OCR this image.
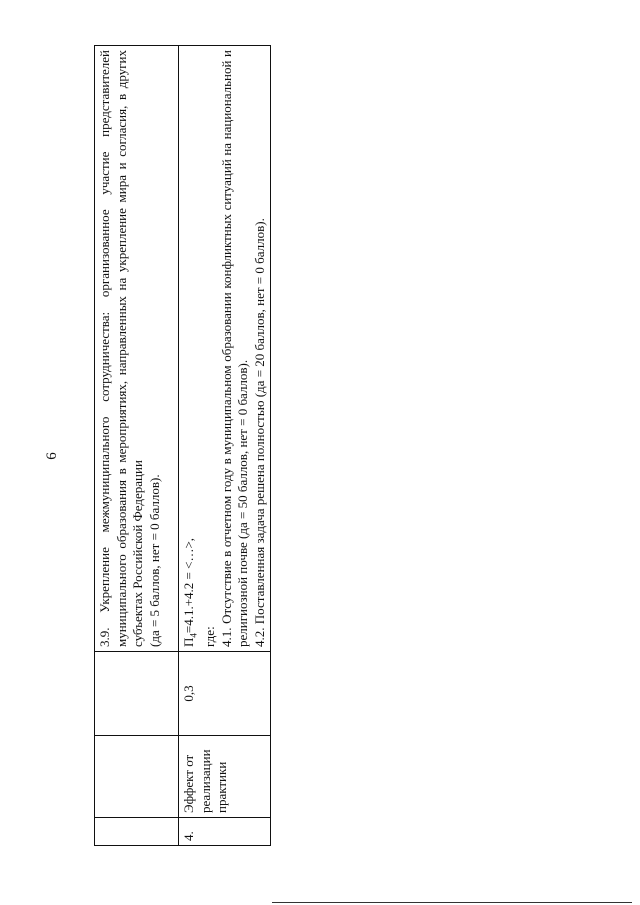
6

			3.9. Укрепление межмуниципального сотрудничества: организованное участие представителей муниципального образования в мероприятиях, направленных на укрепление мира и согласия, в других субъектах Российской Федерации (да = 5 баллов, нет = 0 баллов).

4.	Эффект от реализации практики	0,3	$П_4=4.1.+4.2$ = <…>,
где: 4.1. Отсутствие в отчетном году в муниципальном образовании конфликтных ситуаций на национальной и религиозной почве (да = 50 баллов, нет = 0 баллов). 4.2. Поставленная задача решена полностью (да = 20 баллов, нет = 0 баллов).
